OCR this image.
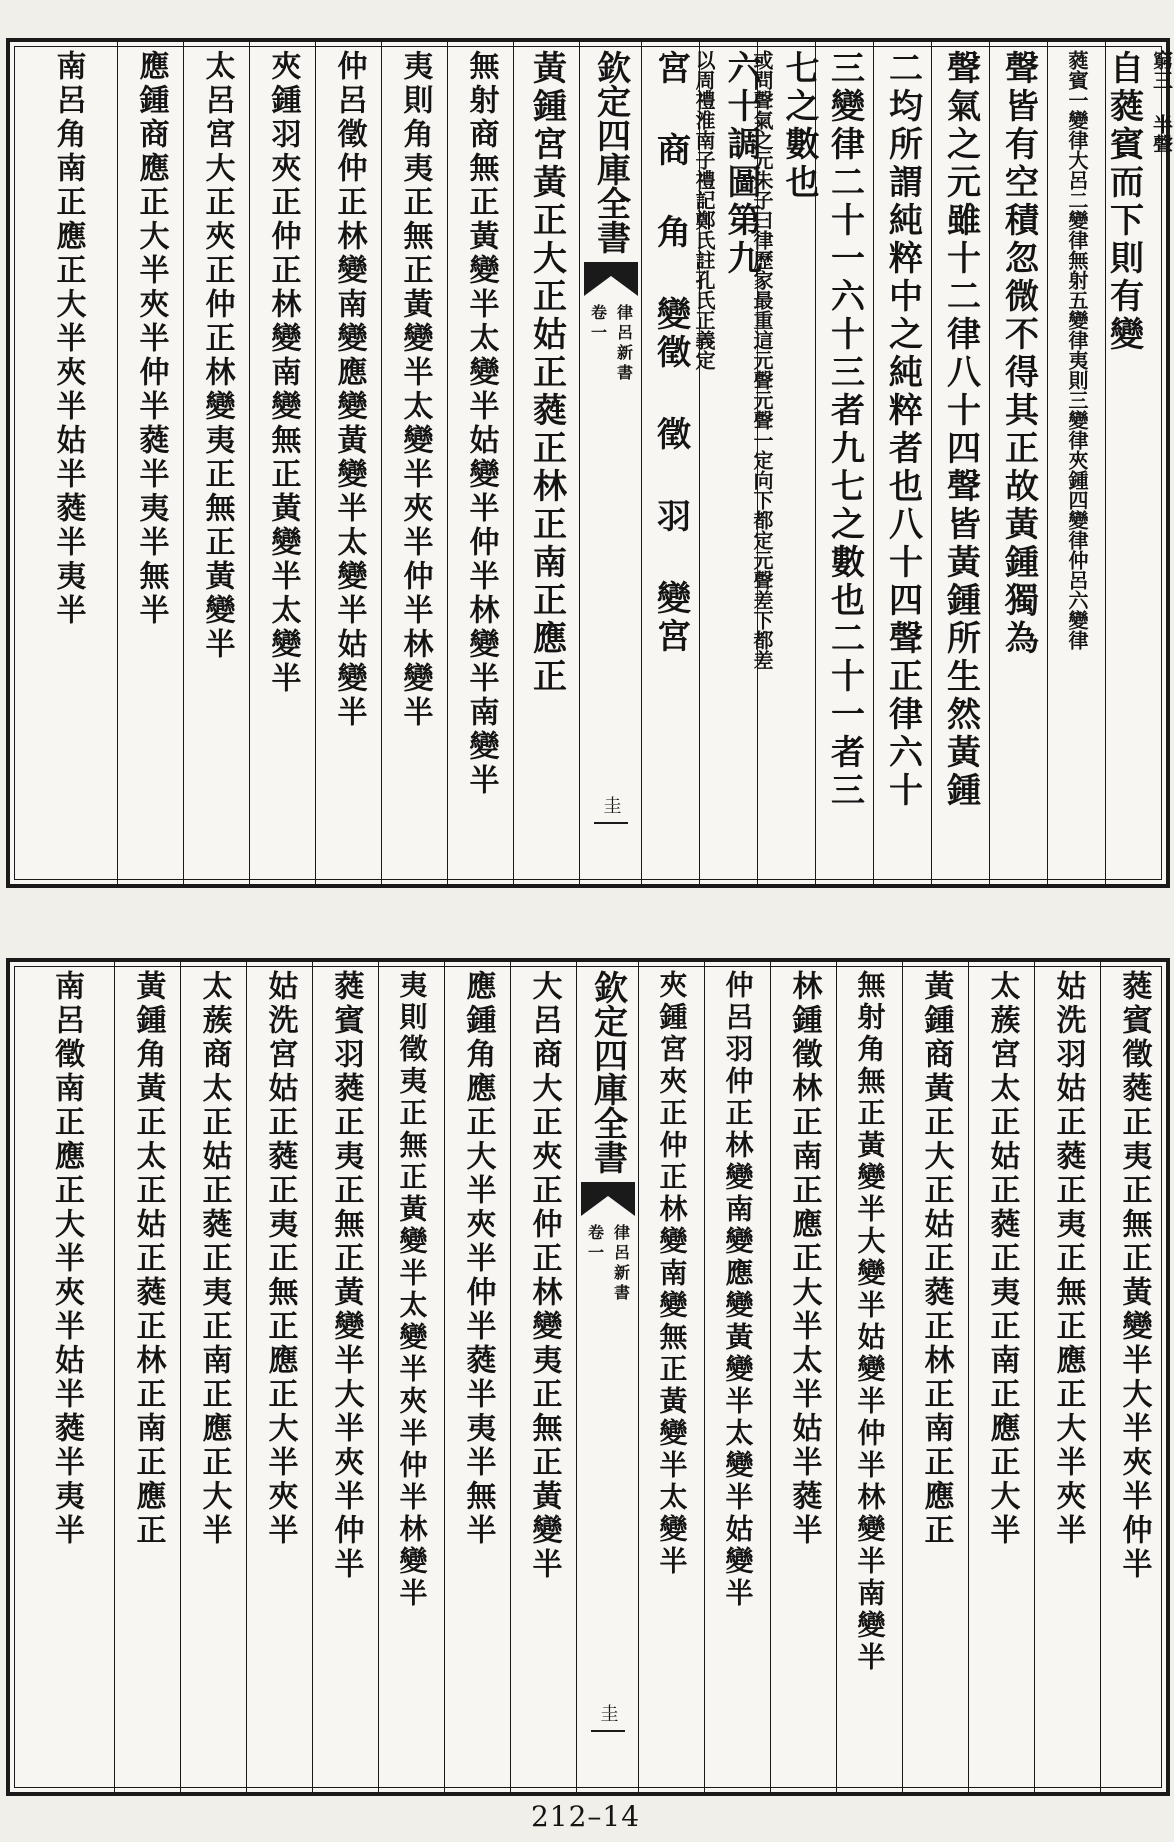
窮三 半聲
自蕤賓而下則有變
蕤賓一變律大呂二變律無射五變律夷則三變律夾鍾四變律仲呂六變律
聲皆有空積忽微不得其正故黃鍾獨為
聲氣之元雖十二律八十四聲皆黃鍾所生然黃鍾
二均所謂純粹中之純粹者也八十四聲正律六十
三變律二十一六十三者九七之數也二十一者三
七之數也
或問聲氣之元朱子曰律歷家最重這元聲元聲一定向下都定元聲差下都差
六十調圖第九
以周禮淮南子禮記鄭氏註孔氏正義定
宮 商 角 變徵 徵 羽 變宮
欽定四庫全書
律呂新書
卷一
圭
黃鍾宮黃正大正姑正蕤正林正南正應正
無射商無正黃變半太變半姑變半仲半林變半南變半
夷則角夷正無正黃變半太變半夾半仲半林變半
仲呂徵仲正林變南變應變黃變半太變半姑變半
夾鍾羽夾正仲正林變南變無正黃變半太變半
太呂宮大正夾正仲正林變夷正無正黃變半
應鍾商應正大半夾半仲半蕤半夷半無半
南呂角南正應正大半夾半姑半蕤半夷半
蕤賓徵蕤正夷正無正黃變半大半夾半仲半
姑洗羽姑正蕤正夷正無正應正大半夾半
太蔟宮太正姑正蕤正夷正南正應正大半
黃鍾商黃正大正姑正蕤正林正南正應正
無射角無正黃變半大變半姑變半仲半林變半南變半
林鍾徵林正南正應正大半太半姑半蕤半
仲呂羽仲正林變南變應變黃變半太變半姑變半
夾鍾宮夾正仲正林變南變無正黃變半太變半
欽定四庫全書
律呂新書
卷一
圭
大呂商大正夾正仲正林變夷正無正黃變半
應鍾角應正大半夾半仲半蕤半夷半無半
夷則徵夷正無正黃變半太變半夾半仲半林變半
蕤賓羽蕤正夷正無正黃變半大半夾半仲半
姑洗宮姑正蕤正夷正無正應正大半夾半
太蔟商太正姑正蕤正夷正南正應正大半
黃鍾角黃正太正姑正蕤正林正南正應正
南呂徵南正應正大半夾半姑半蕤半夷半
212–14
